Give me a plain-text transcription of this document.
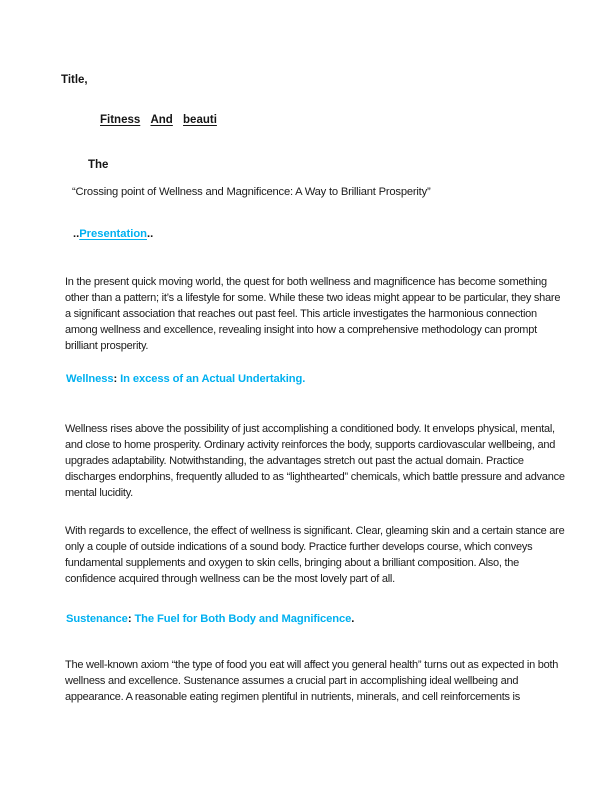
Title,
Fitness And beauti
The
“Crossing point of Wellness and Magnificence: A Way to Brilliant Prosperity”
..Presentation..
In the present quick moving world, the quest for both wellness and magnificence has become something other than a pattern; it’s a lifestyle for some. While these two ideas might appear to be particular, they share a significant association that reaches out past feel. This article investigates the harmonious connection among wellness and excellence, revealing insight into how a comprehensive methodology can prompt brilliant prosperity.
Wellness: In excess of an Actual Undertaking.
Wellness rises above the possibility of just accomplishing a conditioned body. It envelops physical, mental, and close to home prosperity. Ordinary activity reinforces the body, supports cardiovascular wellbeing, and upgrades adaptability. Notwithstanding, the advantages stretch out past the actual domain. Practice discharges endorphins, frequently alluded to as “lighthearted” chemicals, which battle pressure and advance mental lucidity.
With regards to excellence, the effect of wellness is significant. Clear, gleaming skin and a certain stance are only a couple of outside indications of a sound body. Practice further develops course, which conveys fundamental supplements and oxygen to skin cells, bringing about a brilliant composition. Also, the confidence acquired through wellness can be the most lovely part of all.
Sustenance: The Fuel for Both Body and Magnificence.
The well-known axiom “the type of food you eat will affect you general health” turns out as expected in both wellness and excellence. Sustenance assumes a crucial part in accomplishing ideal wellbeing and appearance. A reasonable eating regimen plentiful in nutrients, minerals, and cell reinforcements is
